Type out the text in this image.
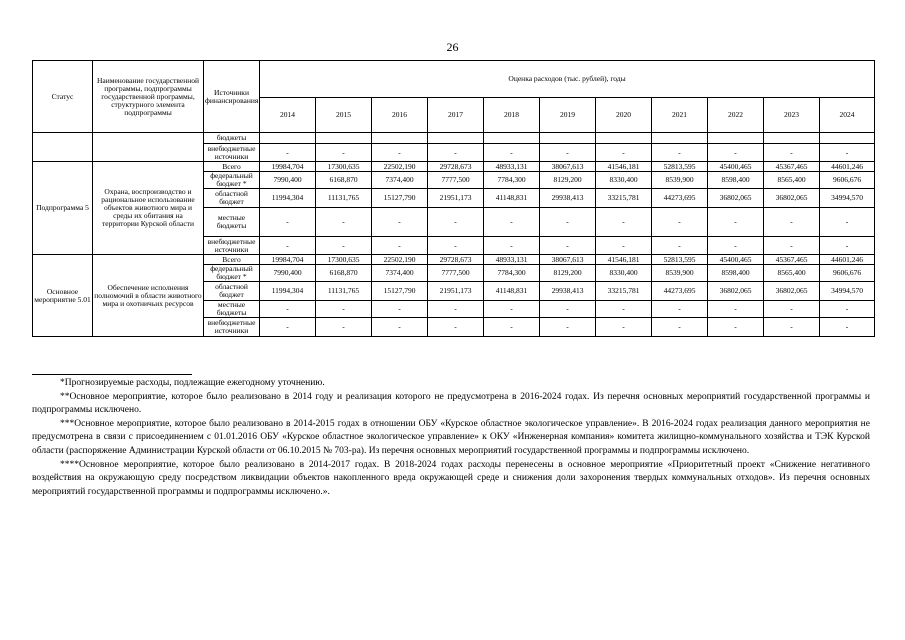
26
Статус	Наименование государственной программы, подпрограммы государственной программы, структурного элемента подпрограммы	Источники финансирования	Оценка расходов (тыс. рублей), годы										
			2014	2015	2016	2017	2018	2019	2020	2021	2022	2023	2024
		бюджеты											
		внебюджетные источники	-	-	-	-	-	-	-	-	-	-	-
Подпрограмма 5	Охрана, воспроизводство и рациональное использование объектов животного мира и среды их обитания на территории Курской области	Всего	19984,704	17300,635	22502,190	29728,673	48933,131	38067,613	41546,181	52813,595	45400,465	45367,465	44601,246
		федеральный бюджет *	7990,400	6168,870	7374,400	7777,500	7784,300	8129,200	8330,400	8539,900	8598,400	8565,400	9606,676
		областной бюджет	11994,304	11131,765	15127,790	21951,173	41148,831	29938,413	33215,781	44273,695	36802,065	36802,065	34994,570
		местные бюджеты	-	-	-	-	-	-	-	-	-	-	-
		внебюджетные источники	-	-	-	-	-	-	-	-	-	-	-
Основное мероприятие 5.01	Обеспечение исполнения полномочий в области животного мира и охотничьих ресурсов	Всего	19984,704	17300,635	22502,190	29728,673	48933,131	38067,613	41546,181	52813,595	45400,465	45367,465	44601,246
		федеральный бюджет *	7990,400	6168,870	7374,400	7777,500	7784,300	8129,200	8330,400	8539,900	8598,400	8565,400	9606,676
		областной бюджет	11994,304	11131,765	15127,790	21951,173	41148,831	29938,413	33215,781	44273,695	36802,065	36802,065	34994,570
		местные бюджеты	-	-	-	-	-	-	-	-	-	-	-
		внебюджетные источники	-	-	-	-	-	-	-	-	-	-	-

*Прогнозируемые расходы, подлежащие ежегодному уточнению.

**Основное мероприятие, которое было реализовано в 2014 году и реализация которого не предусмотрена в 2016-2024 годах. Из перечня основных мероприятий государственной программы и подпрограммы исключено.

***Основное мероприятие, которое было реализовано в 2014-2015 годах в отношении ОБУ «Курское областное экологическое управление». В 2016-2024 годах реализация данного мероприятия не предусмотрена в связи с присоединением с 01.01.2016 ОБУ «Курское областное экологическое управление» к ОКУ «Инженерная компания» комитета жилищно-коммунального хозяйства и ТЭК Курской области (распоряжение Администрации Курской области от 06.10.2015 № 703-ра). Из перечня основных мероприятий государственной программы и подпрограммы исключено.

****Основное мероприятие, которое было реализовано в 2014-2017 годах. В 2018-2024 годах расходы перенесены в основное мероприятие «Приоритетный проект «Снижение негативного воздействия на окружающую среду посредством ликвидации объектов накопленного вреда окружающей среде и снижения доли захоронения твердых коммунальных отходов». Из перечня основных мероприятий государственной программы и подпрограммы исключено.».
